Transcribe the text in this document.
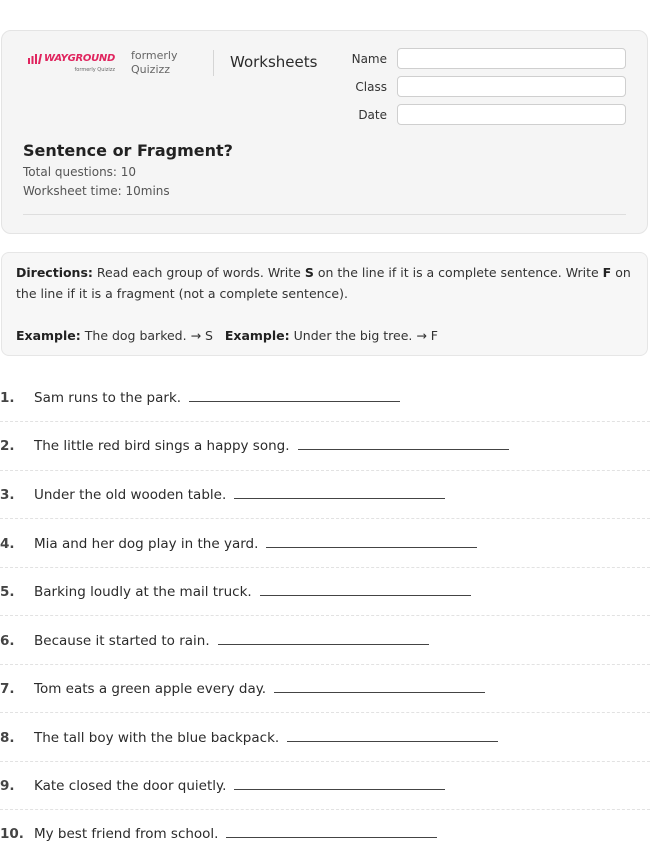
WAYGROUND
formerly Quizizz
formerly Quizizz	Worksheets	Name
Class
Date
Sentence or Fragment?
Total questions: 10
Worksheet time: 10mins

Directions: Read each group of words. Write S on the line if it is a complete sentence. Write F on the line if it is a fragment (not a complete sentence).

Example: The dog barked. → S Example: Under the big tree. → F

1.	Sam runs to the park.
2.	The little red bird sings a happy song.
3.	Under the old wooden table.
4.	Mia and her dog play in the yard.
5.	Barking loudly at the mail truck.
6.	Because it started to rain.
7.	Tom eats a green apple every day.
8.	The tall boy with the blue backpack.
9.	Kate closed the door quietly.
10. My best friend from school.
